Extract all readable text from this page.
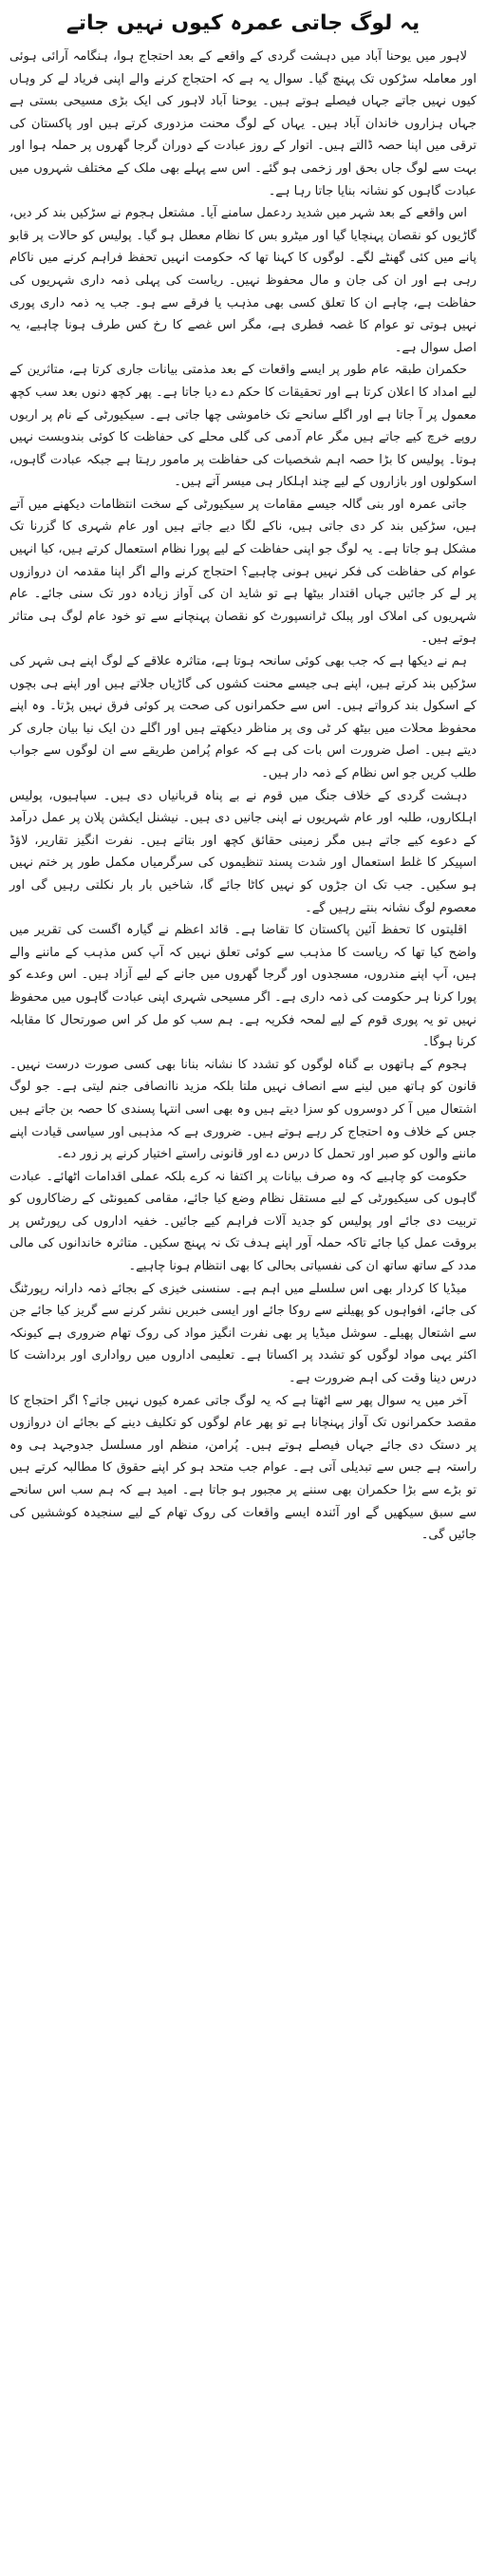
یہ لوگ جاتی عمرہ کیوں نہیں جاتے

لاہور میں یوحنا آباد میں دہشت گردی کے واقعے کے بعد احتجاج ہوا، ہنگامہ آرائی ہوئی اور معاملہ سڑکوں تک پہنچ گیا۔ سوال یہ ہے کہ احتجاج کرنے والے اپنی فریاد لے کر وہاں کیوں نہیں جاتے جہاں فیصلے ہوتے ہیں۔ یوحنا آباد لاہور کی ایک بڑی مسیحی بستی ہے جہاں ہزاروں خاندان آباد ہیں۔ یہاں کے لوگ محنت مزدوری کرتے ہیں اور پاکستان کی ترقی میں اپنا حصہ ڈالتے ہیں۔ اتوار کے روز عبادت کے دوران گرجا گھروں پر حملہ ہوا اور بہت سے لوگ جاں بحق اور زخمی ہو گئے۔ اس سے پہلے بھی ملک کے مختلف شہروں میں عبادت گاہوں کو نشانہ بنایا جاتا رہا ہے۔

اس واقعے کے بعد شہر میں شدید ردعمل سامنے آیا۔ مشتعل ہجوم نے سڑکیں بند کر دیں، گاڑیوں کو نقصان پہنچایا گیا اور میٹرو بس کا نظام معطل ہو گیا۔ پولیس کو حالات پر قابو پانے میں کئی گھنٹے لگے۔ لوگوں کا کہنا تھا کہ حکومت انہیں تحفظ فراہم کرنے میں ناکام رہی ہے اور ان کی جان و مال محفوظ نہیں۔ ریاست کی پہلی ذمہ داری شہریوں کی حفاظت ہے، چاہے ان کا تعلق کسی بھی مذہب یا فرقے سے ہو۔ جب یہ ذمہ داری پوری نہیں ہوتی تو عوام کا غصہ فطری ہے، مگر اس غصے کا رخ کس طرف ہونا چاہیے، یہ اصل سوال ہے۔

حکمران طبقہ عام طور پر ایسے واقعات کے بعد مذمتی بیانات جاری کرتا ہے، متاثرین کے لیے امداد کا اعلان کرتا ہے اور تحقیقات کا حکم دے دیا جاتا ہے۔ پھر کچھ دنوں بعد سب کچھ معمول پر آ جاتا ہے اور اگلے سانحے تک خاموشی چھا جاتی ہے۔ سیکیورٹی کے نام پر اربوں روپے خرچ کیے جاتے ہیں مگر عام آدمی کی گلی محلے کی حفاظت کا کوئی بندوبست نہیں ہوتا۔ پولیس کا بڑا حصہ اہم شخصیات کی حفاظت پر مامور رہتا ہے جبکہ عبادت گاہوں، اسکولوں اور بازاروں کے لیے چند اہلکار ہی میسر آتے ہیں۔

جاتی عمرہ اور بنی گالہ جیسے مقامات پر سیکیورٹی کے سخت انتظامات دیکھنے میں آتے ہیں، سڑکیں بند کر دی جاتی ہیں، ناکے لگا دیے جاتے ہیں اور عام شہری کا گزرنا تک مشکل ہو جاتا ہے۔ یہ لوگ جو اپنی حفاظت کے لیے پورا نظام استعمال کرتے ہیں، کیا انہیں عوام کی حفاظت کی فکر نہیں ہونی چاہیے؟ احتجاج کرنے والے اگر اپنا مقدمہ ان دروازوں پر لے کر جائیں جہاں اقتدار بیٹھا ہے تو شاید ان کی آواز زیادہ دور تک سنی جائے۔ عام شہریوں کی املاک اور پبلک ٹرانسپورٹ کو نقصان پہنچانے سے تو خود عام لوگ ہی متاثر ہوتے ہیں۔

ہم نے دیکھا ہے کہ جب بھی کوئی سانحہ ہوتا ہے، متاثرہ علاقے کے لوگ اپنے ہی شہر کی سڑکیں بند کرتے ہیں، اپنے ہی جیسے محنت کشوں کی گاڑیاں جلاتے ہیں اور اپنے ہی بچوں کے اسکول بند کرواتے ہیں۔ اس سے حکمرانوں کی صحت پر کوئی فرق نہیں پڑتا۔ وہ اپنے محفوظ محلات میں بیٹھ کر ٹی وی پر مناظر دیکھتے ہیں اور اگلے دن ایک نیا بیان جاری کر دیتے ہیں۔ اصل ضرورت اس بات کی ہے کہ عوام پُرامن طریقے سے ان لوگوں سے جواب طلب کریں جو اس نظام کے ذمہ دار ہیں۔

دہشت گردی کے خلاف جنگ میں قوم نے بے پناہ قربانیاں دی ہیں۔ سپاہیوں، پولیس اہلکاروں، طلبہ اور عام شہریوں نے اپنی جانیں دی ہیں۔ نیشنل ایکشن پلان پر عمل درآمد کے دعوے کیے جاتے ہیں مگر زمینی حقائق کچھ اور بتاتے ہیں۔ نفرت انگیز تقاریر، لاؤڈ اسپیکر کا غلط استعمال اور شدت پسند تنظیموں کی سرگرمیاں مکمل طور پر ختم نہیں ہو سکیں۔ جب تک ان جڑوں کو نہیں کاٹا جائے گا، شاخیں بار بار نکلتی رہیں گی اور معصوم لوگ نشانہ بنتے رہیں گے۔

اقلیتوں کا تحفظ آئین پاکستان کا تقاضا ہے۔ قائد اعظم نے گیارہ اگست کی تقریر میں واضح کیا تھا کہ ریاست کا مذہب سے کوئی تعلق نہیں کہ آپ کس مذہب کے ماننے والے ہیں، آپ اپنے مندروں، مسجدوں اور گرجا گھروں میں جانے کے لیے آزاد ہیں۔ اس وعدے کو پورا کرنا ہر حکومت کی ذمہ داری ہے۔ اگر مسیحی شہری اپنی عبادت گاہوں میں محفوظ نہیں تو یہ پوری قوم کے لیے لمحہ فکریہ ہے۔ ہم سب کو مل کر اس صورتحال کا مقابلہ کرنا ہوگا۔

ہجوم کے ہاتھوں بے گناہ لوگوں کو تشدد کا نشانہ بنانا بھی کسی صورت درست نہیں۔ قانون کو ہاتھ میں لینے سے انصاف نہیں ملتا بلکہ مزید ناانصافی جنم لیتی ہے۔ جو لوگ اشتعال میں آ کر دوسروں کو سزا دیتے ہیں وہ بھی اسی انتہا پسندی کا حصہ بن جاتے ہیں جس کے خلاف وہ احتجاج کر رہے ہوتے ہیں۔ ضروری ہے کہ مذہبی اور سیاسی قیادت اپنے ماننے والوں کو صبر اور تحمل کا درس دے اور قانونی راستے اختیار کرنے پر زور دے۔

حکومت کو چاہیے کہ وہ صرف بیانات پر اکتفا نہ کرے بلکہ عملی اقدامات اٹھائے۔ عبادت گاہوں کی سیکیورٹی کے لیے مستقل نظام وضع کیا جائے، مقامی کمیونٹی کے رضاکاروں کو تربیت دی جائے اور پولیس کو جدید آلات فراہم کیے جائیں۔ خفیہ اداروں کی رپورٹس پر بروقت عمل کیا جائے تاکہ حملہ آور اپنے ہدف تک نہ پہنچ سکیں۔ متاثرہ خاندانوں کی مالی مدد کے ساتھ ساتھ ان کی نفسیاتی بحالی کا بھی انتظام ہونا چاہیے۔

میڈیا کا کردار بھی اس سلسلے میں اہم ہے۔ سنسنی خیزی کے بجائے ذمہ دارانہ رپورٹنگ کی جائے، افواہوں کو پھیلنے سے روکا جائے اور ایسی خبریں نشر کرنے سے گریز کیا جائے جن سے اشتعال پھیلے۔ سوشل میڈیا پر بھی نفرت انگیز مواد کی روک تھام ضروری ہے کیونکہ اکثر یہی مواد لوگوں کو تشدد پر اکساتا ہے۔ تعلیمی اداروں میں رواداری اور برداشت کا درس دینا وقت کی اہم ضرورت ہے۔

آخر میں یہ سوال پھر سے اٹھتا ہے کہ یہ لوگ جاتی عمرہ کیوں نہیں جاتے؟ اگر احتجاج کا مقصد حکمرانوں تک آواز پہنچانا ہے تو پھر عام لوگوں کو تکلیف دینے کے بجائے ان دروازوں پر دستک دی جائے جہاں فیصلے ہوتے ہیں۔ پُرامن، منظم اور مسلسل جدوجہد ہی وہ راستہ ہے جس سے تبدیلی آتی ہے۔ عوام جب متحد ہو کر اپنے حقوق کا مطالبہ کرتے ہیں تو بڑے سے بڑا حکمران بھی سننے پر مجبور ہو جاتا ہے۔ امید ہے کہ ہم سب اس سانحے سے سبق سیکھیں گے اور آئندہ ایسے واقعات کی روک تھام کے لیے سنجیدہ کوششیں کی جائیں گی۔
